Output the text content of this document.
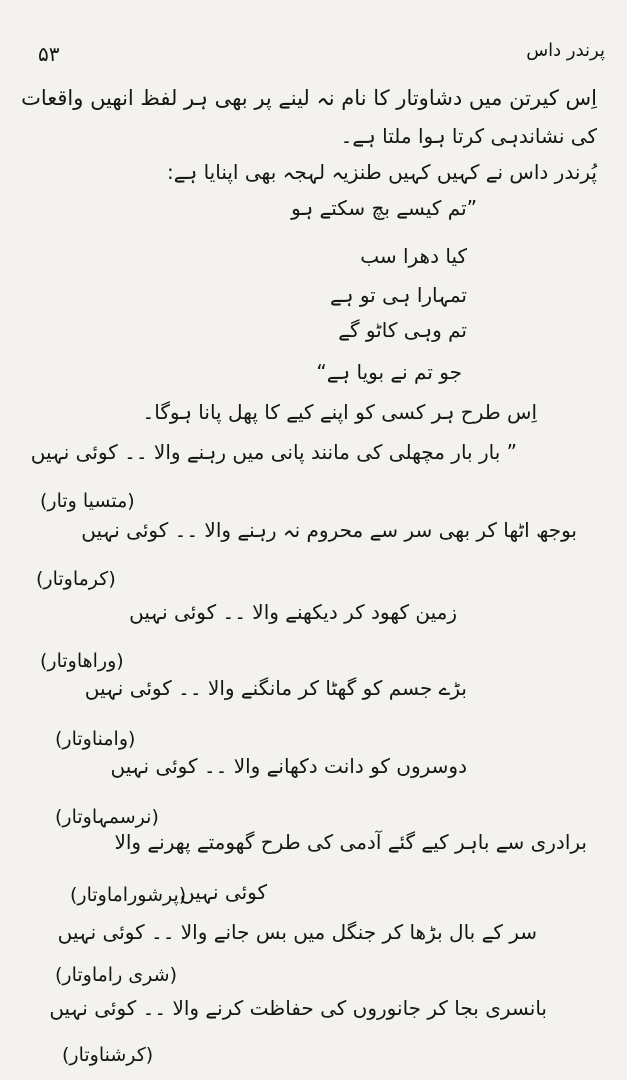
۵۳	پرندر داس
اِس کیرتن میں دشاوتار کا نام نہ لینے پر بھی ہر لفظ انھیں واقعات
کی نشاندہی کرتا ہوا ملتا ہے۔
پُرندر داس نے کہیں کہیں طنزیہ لہجہ بھی اپنایا ہے:
”تم کیسے بچ سکتے ہو
کیا دھرا سب
تمہارا ہی تو ہے
تم وہی کاٹو گے
جو تم نے بویا ہے“
اِس طرح ہر کسی کو اپنے کیے کا پھل پانا ہوگا۔
” بار بار مچھلی کی مانند پانی میں رہنے والا ۔۔ کوئی نہیں
(متسیا وتار)
بوجھ اٹھا کر بھی سر سے محروم نہ رہنے والا ۔۔ کوئی نہیں
(کرماوتار)
زمین کھود کر دیکھنے والا ۔۔ کوئی نہیں
(وراھاوتار)
بڑے جسم کو گھٹا کر مانگنے والا ۔۔ کوئی نہیں
(وامناوتار)
دوسروں کو دانت دکھانے والا ۔۔ کوئی نہیں
(نرسمہاوتار)
برادری سے باہر کیے گئے آدمی کی طرح گھومتے پھرنے والا
کوئی نہیں
(پرشوراماوتار)
سر کے بال بڑھا کر جنگل میں بس جانے والا ۔۔ کوئی نہیں
(شری راماوتار)
بانسری بجا کر جانوروں کی حفاظت کرنے والا ۔۔ کوئی نہیں
(کرشناوتار)
